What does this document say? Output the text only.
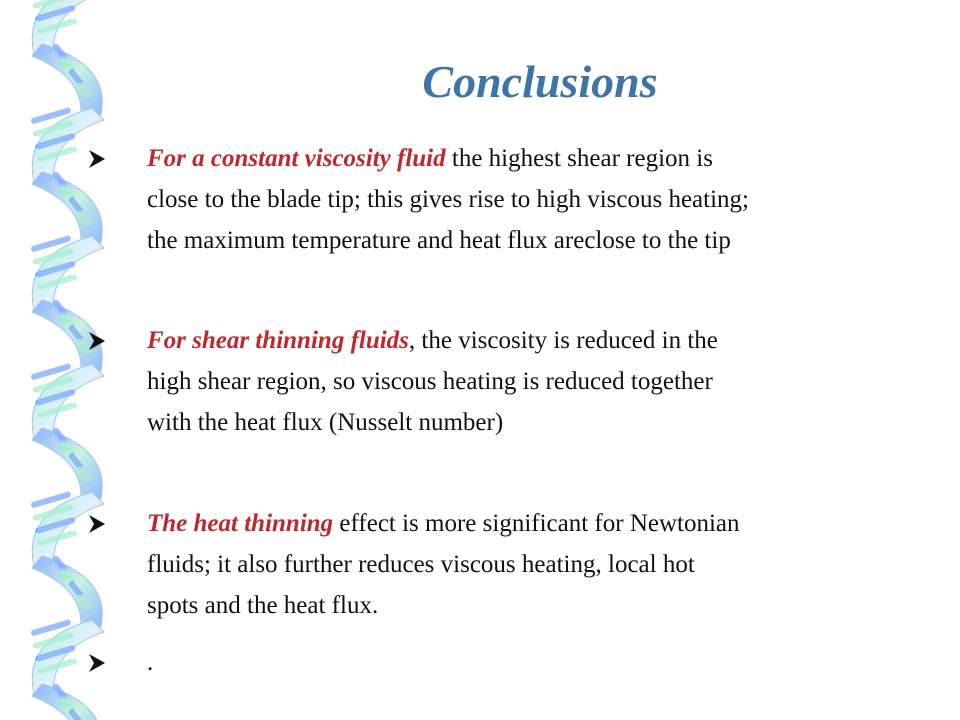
Conclusions
For a constant viscosity fluid the highest shear region is
close to the blade tip; this gives rise to high viscous heating;
the maximum temperature and heat flux areclose to the tip
For shear thinning fluids, the viscosity is reduced in the
high shear region, so viscous heating is reduced together
with the heat flux (Nusselt number)
The heat thinning effect is more significant for Newtonian
fluids; it also further reduces viscous heating, local hot
spots and the heat flux.
.
